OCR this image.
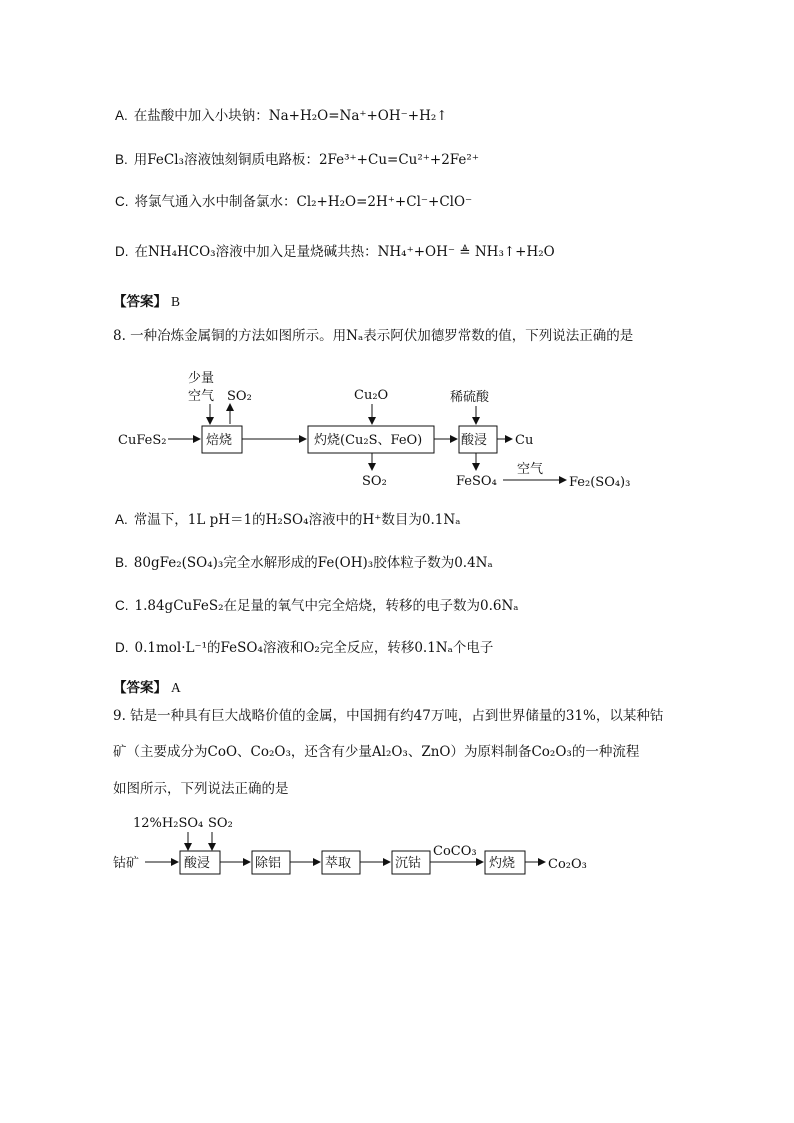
A. 在盐酸中加入小块钠：Na+H₂O=Na⁺+OH⁻+H₂↑
B. 用FeCl₃溶液蚀刻铜质电路板：2Fe³⁺+Cu=Cu²⁺+2Fe²⁺
C. 将氯气通入水中制备氯水：Cl₂+H₂O=2H⁺+Cl⁻+ClO⁻
D. 在NH₄HCO₃溶液中加入足量烧碱共热：NH₄⁺+OH⁻ ≜ NH₃↑+H₂O
【答案】 B
8. 一种冶炼金属铜的方法如图所示。用Nₐ表示阿伏加德罗常数的值，下列说法正确的是
少量
空气 SO₂
CuFeS₂	焙烧
Cu₂O
灼烧(Cu₂S、FeO)
SO₂
稀硫酸
酸浸 Cu
FeSO₄
空气
Fe₂(SO₄)₃
12%H₂SO₄ SO₂
钴矿	酸浸	除铝	萃取	沉钴
CoCO₃
灼烧	Co₂O₃
A. 常温下，1L pH＝1的H₂SO₄溶液中的H⁺数目为0.1Nₐ
B. 80gFe₂(SO₄)₃完全水解形成的Fe(OH)₃胶体粒子数为0.4Nₐ
C. 1.84gCuFeS₂在足量的氧气中完全焙烧，转移的电子数为0.6Nₐ
D. 0.1mol·L⁻¹的FeSO₄溶液和O₂完全反应，转移0.1Nₐ个电子
【答案】 A
9. 钴是一种具有巨大战略价值的金属，中国拥有约47万吨，占到世界储量的31%，以某种钴
矿（主要成分为CoO、Co₂O₃，还含有少量Al₂O₃、ZnO）为原料制备Co₂O₃的一种流程
如图所示，下列说法正确的是
